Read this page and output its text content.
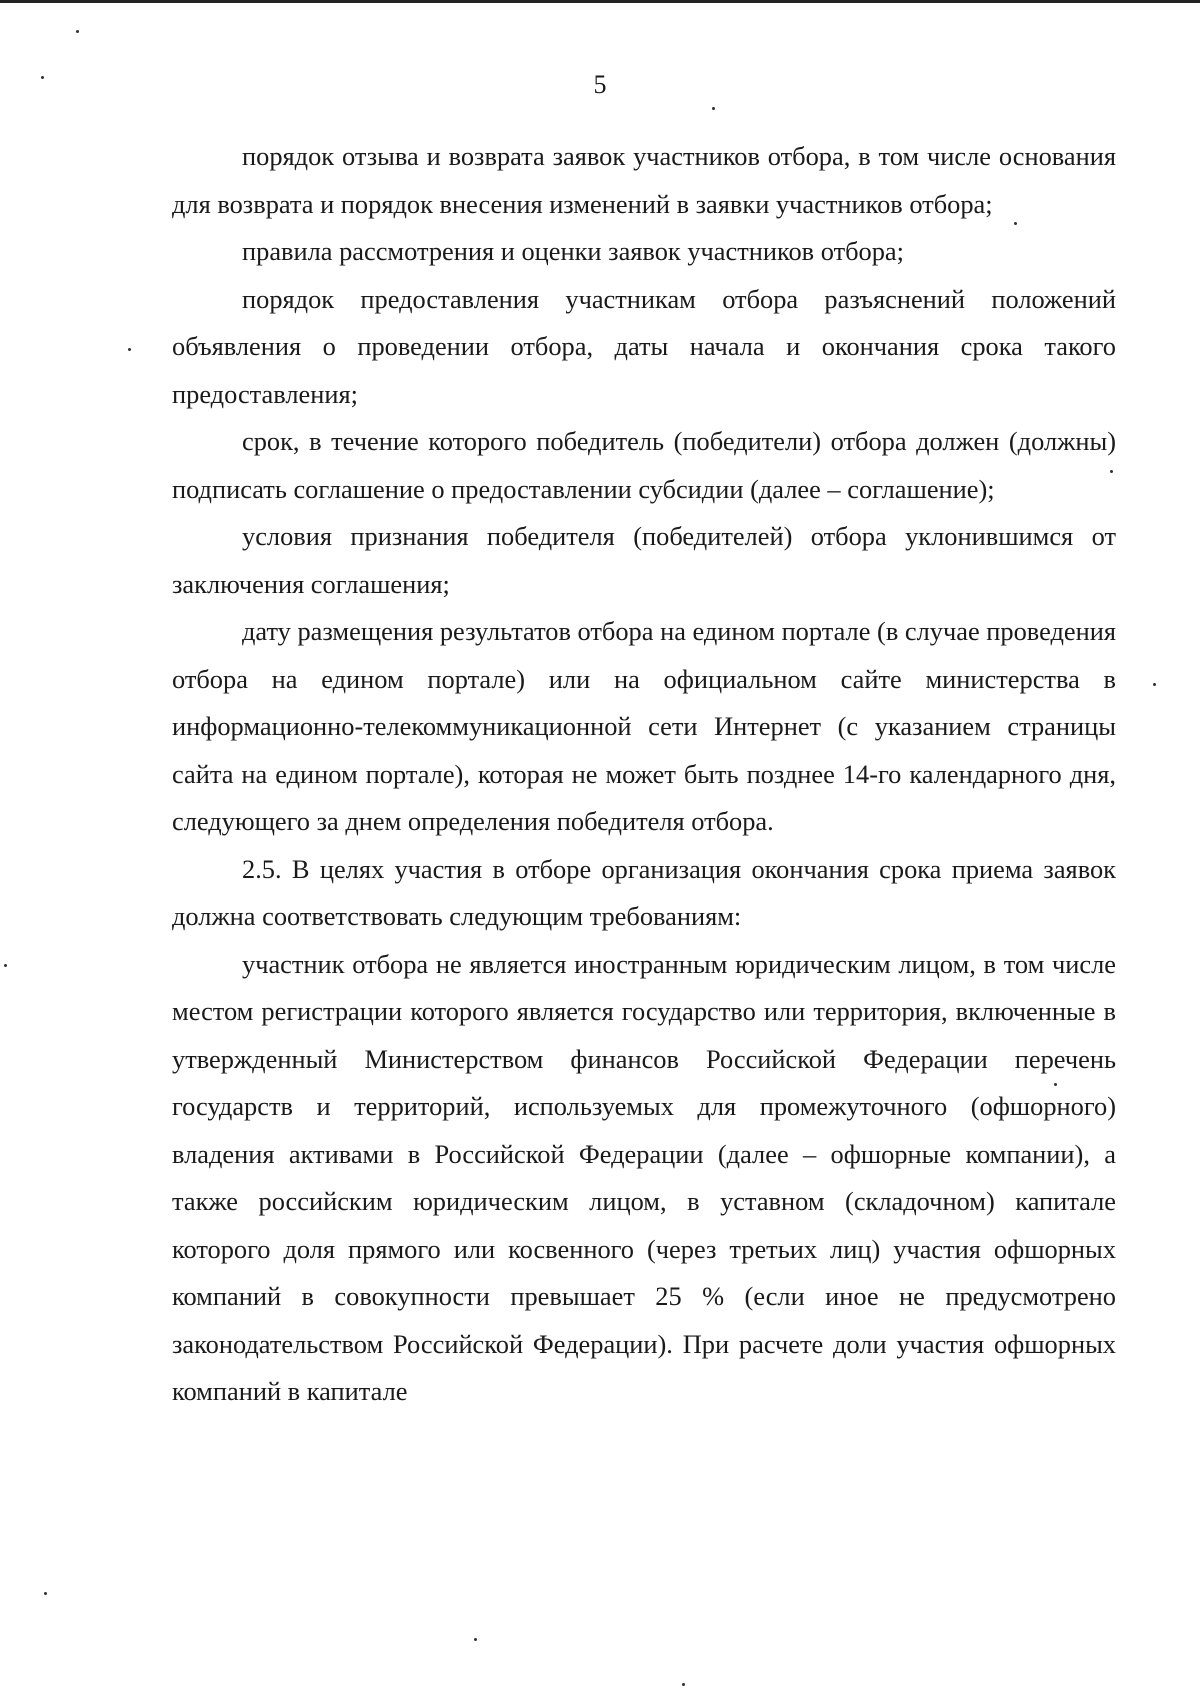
5

порядок отзыва и возврата заявок участников отбора, в том числе основания для возврата и порядок внесения изменений в заявки участников отбора;

правила рассмотрения и оценки заявок участников отбора;

порядок предоставления участникам отбора разъяснений положений объявления о проведении отбора, даты начала и окончания срока такого предоставления;

срок, в течение которого победитель (победители) отбора должен (должны) подписать соглашение о предоставлении субсидии (далее – соглашение);

условия признания победителя (победителей) отбора уклонившимся от заключения соглашения;

дату размещения результатов отбора на едином портале (в случае проведения отбора на едином портале) или на официальном сайте министерства в информационно-телекоммуникационной сети Интернет (с указанием страницы сайта на едином портале), которая не может быть позднее 14-го календарного дня, следующего за днем определения победителя отбора.

2.5. В целях участия в отборе организация окончания срока приема заявок должна соответствовать следующим требованиям:

участник отбора не является иностранным юридическим лицом, в том числе местом регистрации которого является государство или территория, включенные в утвержденный Министерством финансов Российской Федерации перечень государств и территорий, используемых для промежуточного (офшорного) владения активами в Российской Федерации (далее – офшорные компании), а также российским юридическим лицом, в уставном (складочном) капитале которого доля прямого или косвенного (через третьих лиц) участия офшорных компаний в совокупности превышает 25 % (если иное не предусмотрено законодательством Российской Федерации). При расчете доли участия офшорных компаний в капитале
